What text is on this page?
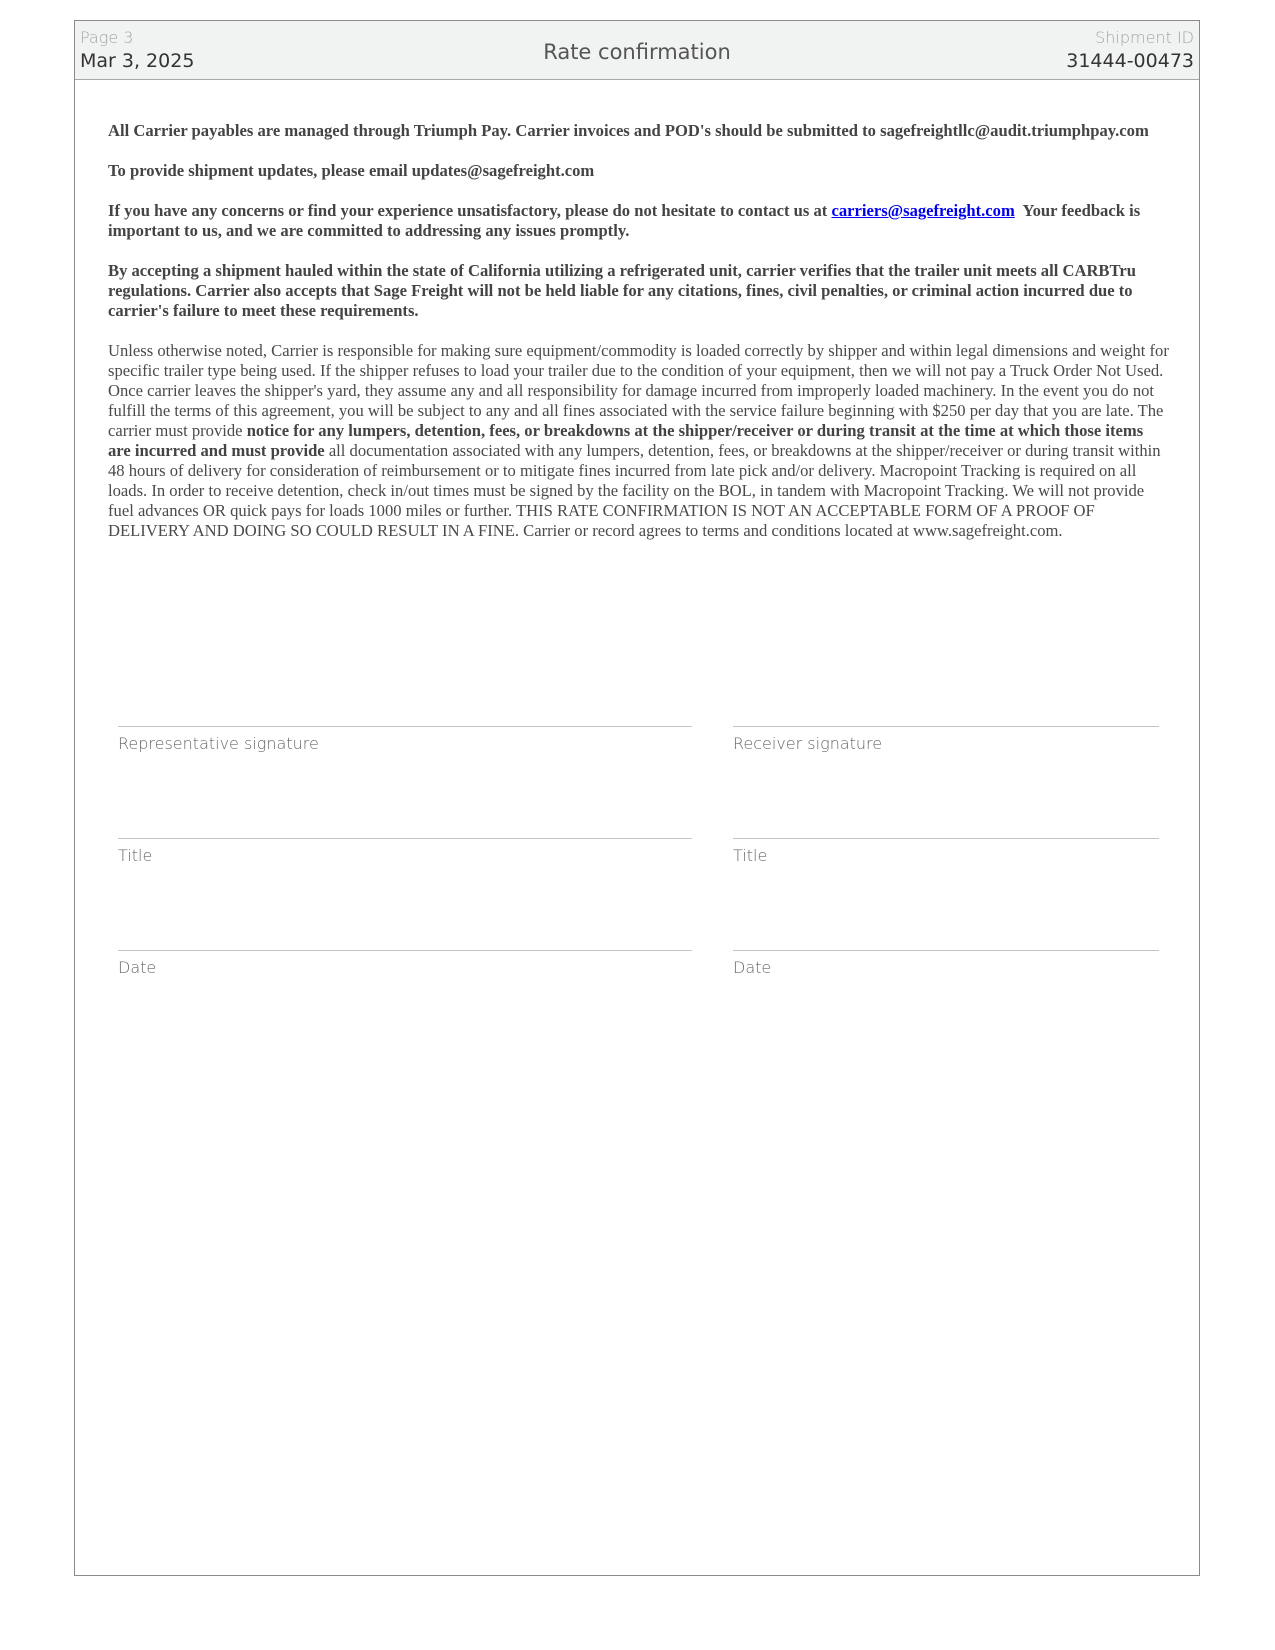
Page 3
Mar 3, 2025	Rate confirmation
Shipment ID
31444-00473

All Carrier payables are managed through Triumph Pay. Carrier invoices and POD's should be submitted to sagefreightllc@audit.triumphpay.com

To provide shipment updates, please email updates@sagefreight.com

If you have any concerns or find your experience unsatisfactory, please do not hesitate to contact us at carriers@sagefreight.com  Your feedback is important to us, and we are committed to addressing any issues promptly.

By accepting a shipment hauled within the state of California utilizing a refrigerated unit, carrier verifies that the trailer unit meets all CARBTru regulations. Carrier also accepts that Sage Freight will not be held liable for any citations, fines, civil penalties, or criminal action incurred due to carrier's failure to meet these requirements.

Unless otherwise noted, Carrier is responsible for making sure equipment/commodity is loaded correctly by shipper and within legal dimensions and weight for specific trailer type being used. If the shipper refuses to load your trailer due to the condition of your equipment, then we will not pay a Truck Order Not Used. Once carrier leaves the shipper's yard, they assume any and all responsibility for damage incurred from improperly loaded machinery. In the event you do not fulfill the terms of this agreement, you will be subject to any and all fines associated with the service failure beginning with $250 per day that you are late. The carrier must provide notice for any lumpers, detention, fees, or breakdowns at the shipper/receiver or during transit at the time at which those items are incurred and must provide all documentation associated with any lumpers, detention, fees, or breakdowns at the shipper/receiver or during transit within 48 hours of delivery for consideration of reimbursement or to mitigate fines incurred from late pick and/or delivery. Macropoint Tracking is required on all loads. In order to receive detention, check in/out times must be signed by the facility on the BOL, in tandem with Macropoint Tracking. We will not provide fuel advances OR quick pays for loads 1000 miles or further. THIS RATE CONFIRMATION IS NOT AN ACCEPTABLE FORM OF A PROOF OF DELIVERY AND DOING SO COULD RESULT IN A FINE. Carrier or record agrees to terms and conditions located at www.sagefreight.com.

Representative signature	Receiver signature
Title	Title
Date	Date
